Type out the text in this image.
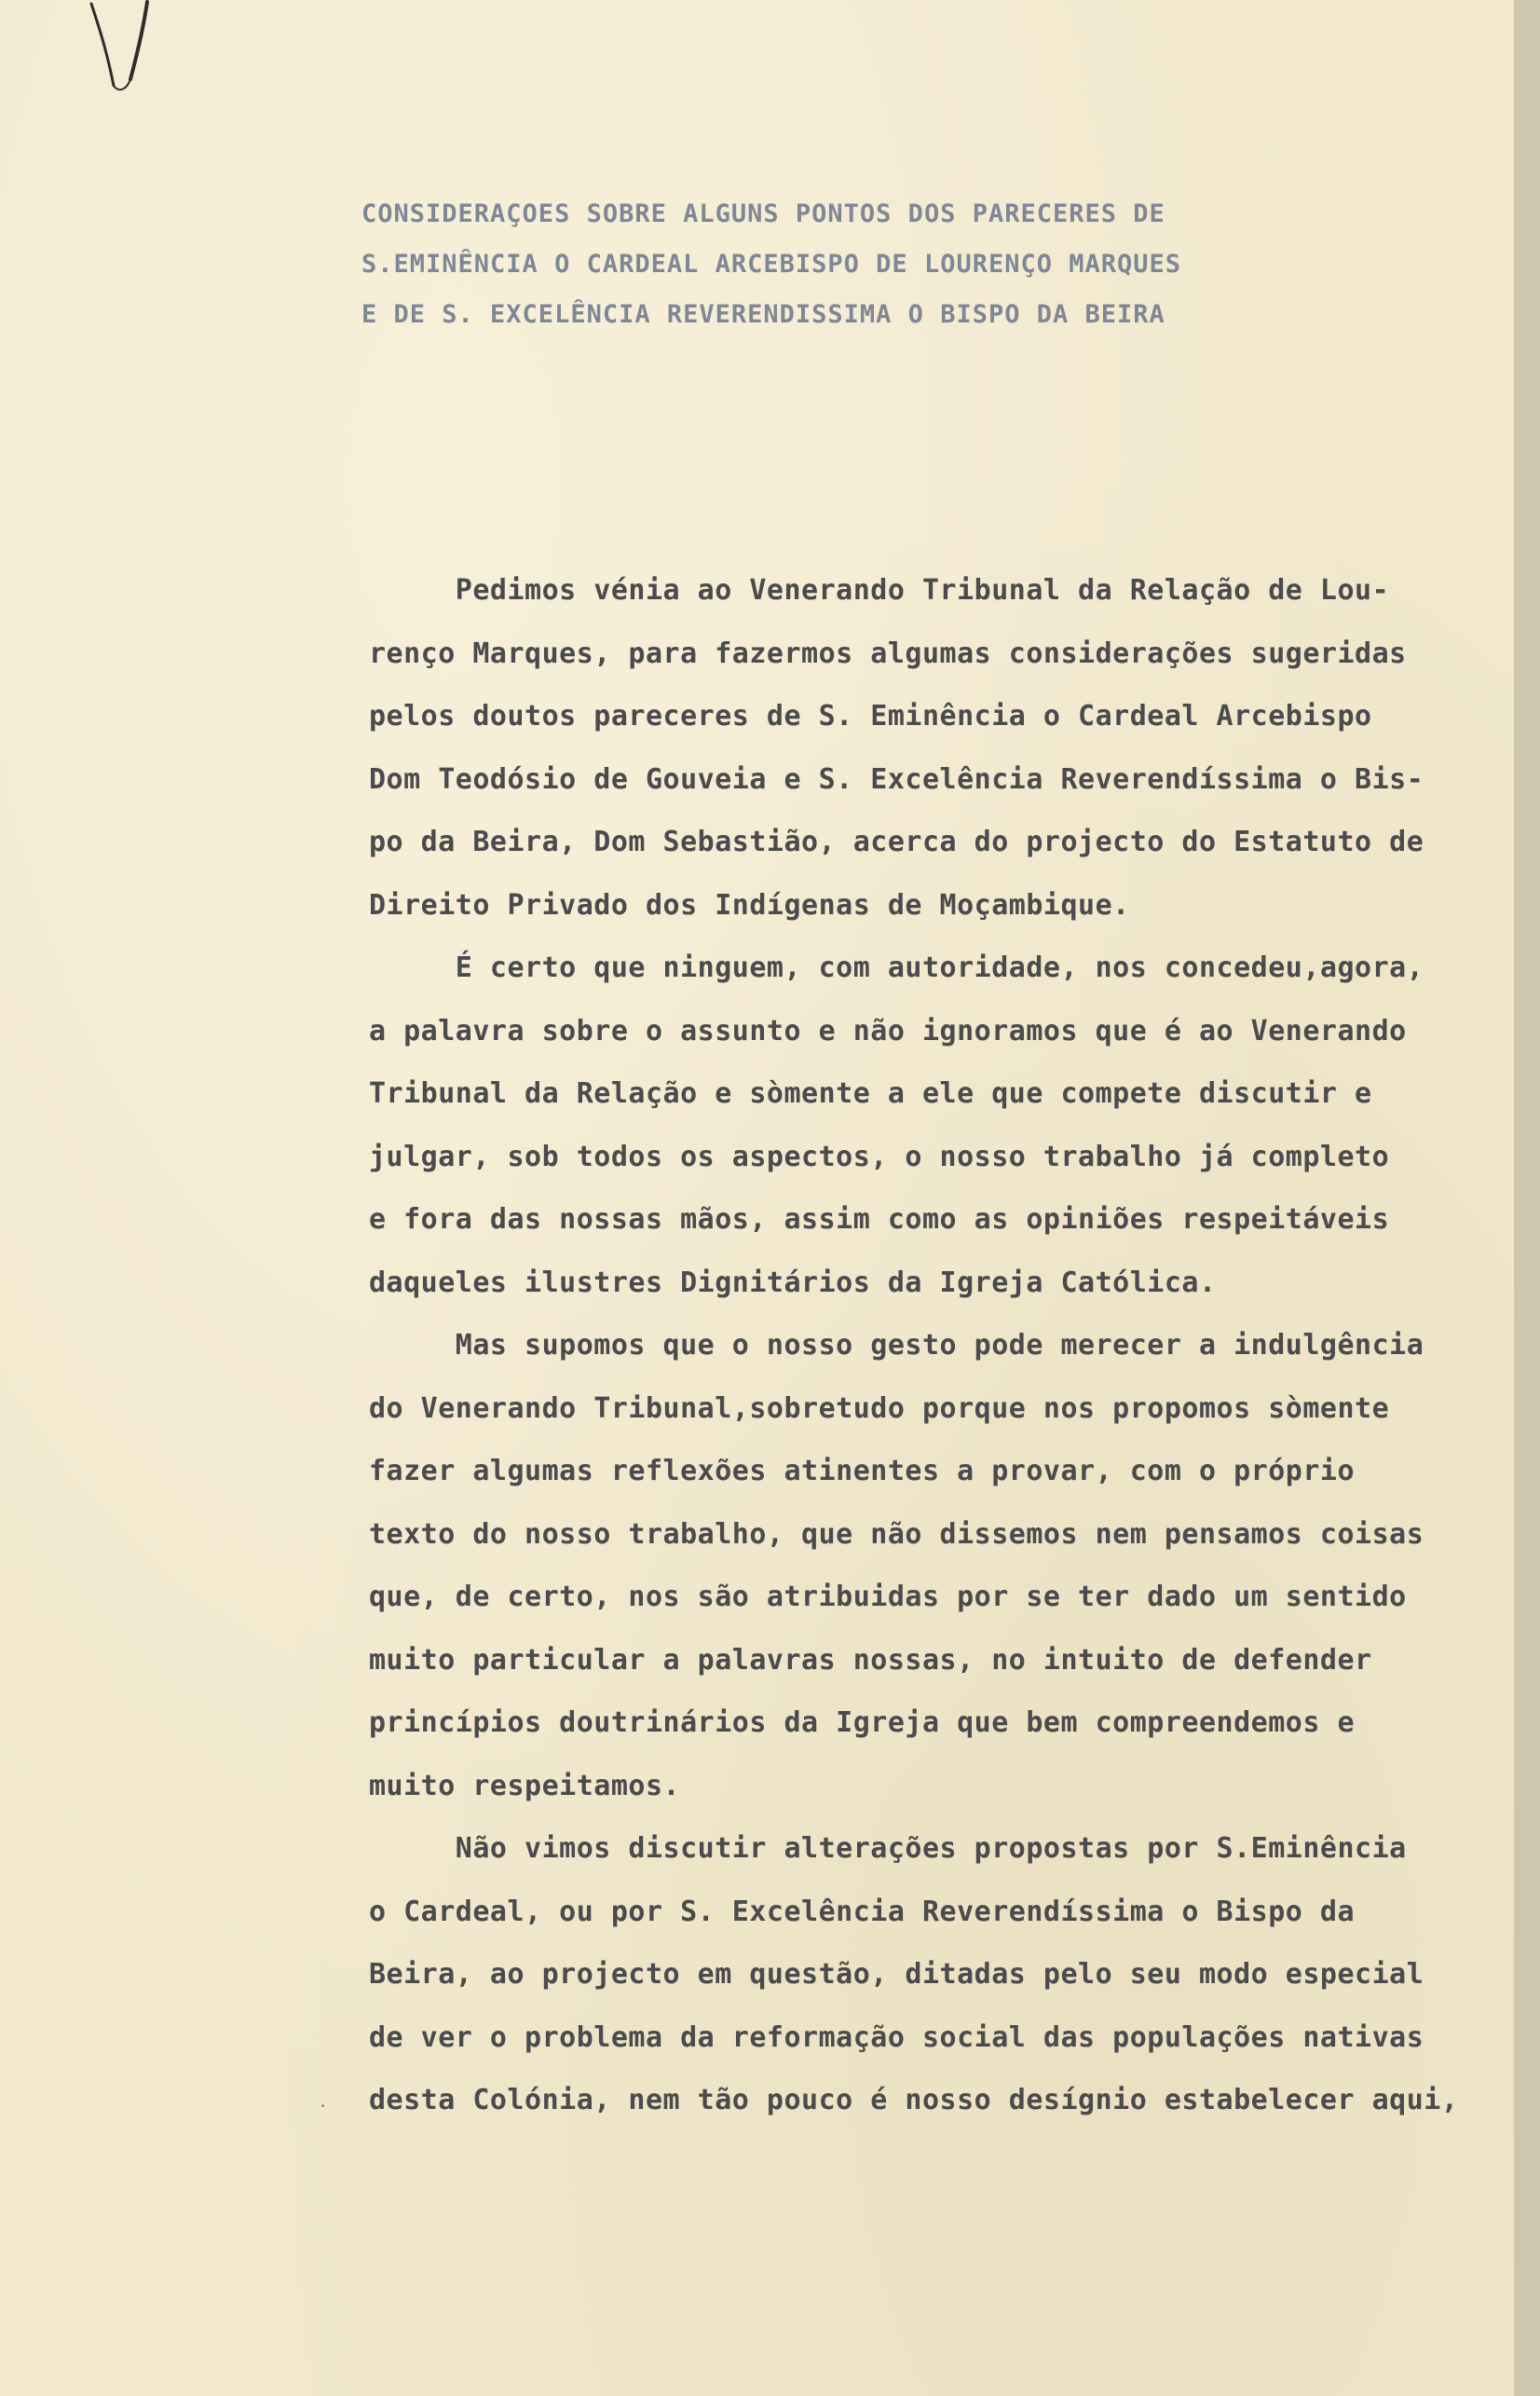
CONSIDERAÇOES SOBRE ALGUNS PONTOS DOS PARECERES DE
S.EMINÊNCIA O CARDEAL ARCEBISPO DE LOURENÇO MARQUES
E DE S. EXCELÊNCIA REVERENDISSIMA O BISPO DA BEIRA
Pedimos vénia ao Venerando Tribunal da Relação de Lou-
renço Marques, para fazermos algumas considerações sugeridas
pelos doutos pareceres de S. Eminência o Cardeal Arcebispo
Dom Teodósio de Gouveia e S. Excelência Reverendíssima o Bis-
po da Beira, Dom Sebastião, acerca do projecto do Estatuto de
Direito Privado dos Indígenas de Moçambique.
É certo que ninguem, com autoridade, nos concedeu,agora,
a palavra sobre o assunto e não ignoramos que é ao Venerando
Tribunal da Relação e sòmente a ele que compete discutir e
julgar, sob todos os aspectos, o nosso trabalho já completo
e fora das nossas mãos, assim como as opiniões respeitáveis
daqueles ilustres Dignitários da Igreja Católica.
Mas supomos que o nosso gesto pode merecer a indulgência
do Venerando Tribunal,sobretudo porque nos propomos sòmente
fazer algumas reflexões atinentes a provar, com o próprio
texto do nosso trabalho, que não dissemos nem pensamos coisas
que, de certo, nos são atribuidas por se ter dado um sentido
muito particular a palavras nossas, no intuito de defender
princípios doutrinários da Igreja que bem compreendemos e
muito respeitamos.
Não vimos discutir alterações propostas por S.Eminência
o Cardeal, ou por S. Excelência Reverendíssima o Bispo da
Beira, ao projecto em questão, ditadas pelo seu modo especial
de ver o problema da reformação social das populações nativas
desta Colónia, nem tão pouco é nosso desígnio estabelecer aqui,
